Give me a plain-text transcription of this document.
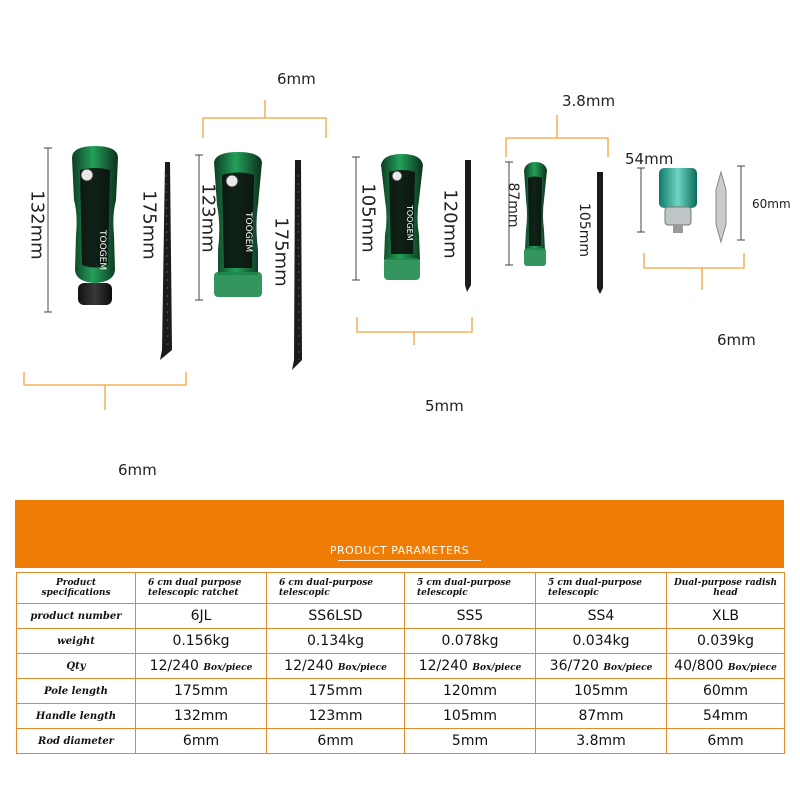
TOOGEM	TOOGEM	TOOGEM
6mm
3.8mm
54mm
60mm
6mm
5mm
6mm
132mm	175mm 123mm	175mm	105mm	120mm	87mm	105mm
PRODUCT PARAMETERS
Product specifications	6 cm dual purpose telescopic ratchet	6 cm dual-purpose telescopic	5 cm dual-purpose telescopic	5 cm dual-purpose telescopic	Dual-purpose radish head
product number	6JL	SS6LSD	SS5	SS4	XLB
weight	0.156kg	0.134kg	0.078kg	0.034kg	0.039kg
Qty	12/240 Box/piece	12/240 Box/piece	12/240 Box/piece	36/720 Box/piece	40/800 Box/piece
Pole length	175mm	175mm	120mm	105mm	60mm
Handle length	132mm	123mm	105mm	87mm	54mm
Rod diameter	6mm	6mm	5mm	3.8mm	6mm
